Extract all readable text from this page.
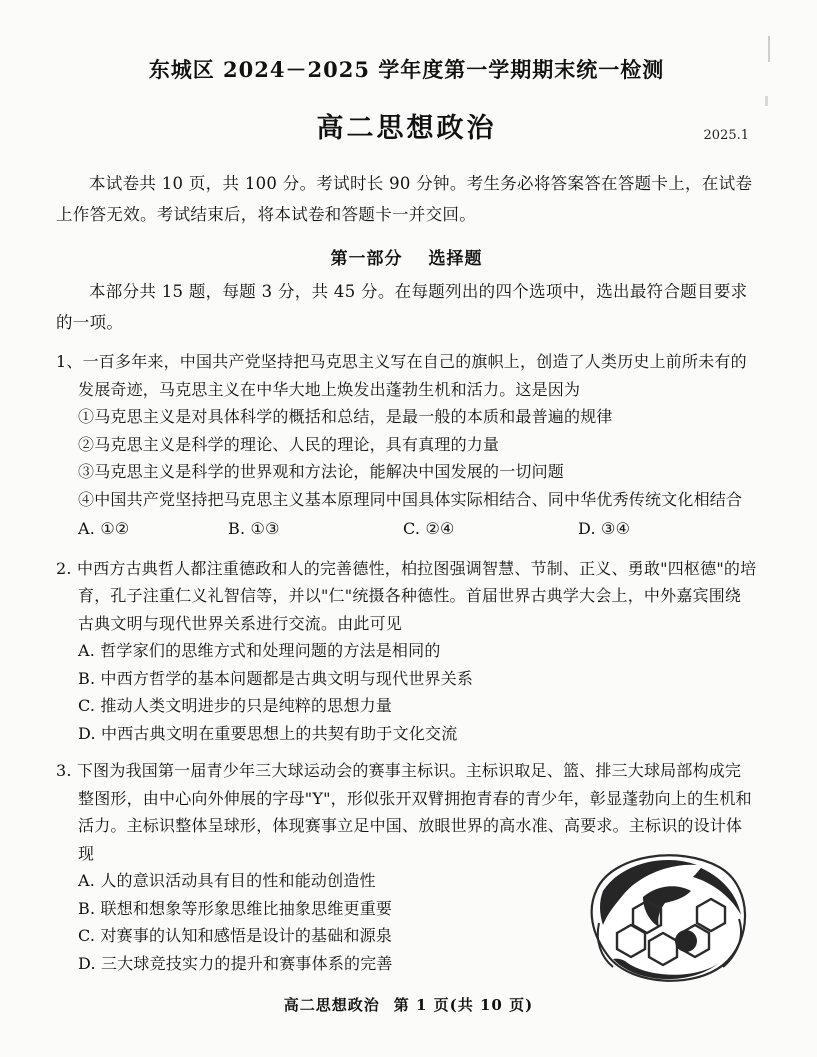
东城区 2024－2025 学年度第一学期期末统一检测
高二思想政治	2025.1
本试卷共 10 页，共 100 分。考试时长 90 分钟。考生务必将答案答在答题卡上，在试卷上作答无效。考试结束后，将本试卷和答题卡一并交回。
第一部分 选择题
本部分共 15 题，每题 3 分，共 45 分。在每题列出的四个选项中，选出最符合题目要求的一项。
1、一百多年来，中国共产党坚持把马克思主义写在自己的旗帜上，创造了人类历史上前所未有的发展奇迹，马克思主义在中华大地上焕发出蓬勃生机和活力。这是因为
①马克思主义是对具体科学的概括和总结，是最一般的本质和最普遍的规律
②马克思主义是科学的理论、人民的理论，具有真理的力量
③马克思主义是科学的世界观和方法论，能解决中国发展的一切问题
④中国共产党坚持把马克思主义基本原理同中国具体实际相结合、同中华优秀传统文化相结合
A. ①②	B. ①③	C. ②④	D. ③④
2. 中西方古典哲人都注重德政和人的完善德性，柏拉图强调智慧、节制、正义、勇敢"四枢德"的培育，孔子注重仁义礼智信等，并以"仁"统摄各种德性。首届世界古典学大会上，中外嘉宾围绕古典文明与现代世界关系进行交流。由此可见
A. 哲学家们的思维方式和处理问题的方法是相同的
B. 中西方哲学的基本问题都是古典文明与现代世界关系
C. 推动人类文明进步的只是纯粹的思想力量
D. 中西古典文明在重要思想上的共契有助于文化交流
3. 下图为我国第一届青少年三大球运动会的赛事主标识。主标识取足、篮、排三大球局部构成完整图形，由中心向外伸展的字母"Y"，形似张开双臂拥抱青春的青少年，彰显蓬勃向上的生机和活力。主标识整体呈球形，体现赛事立足中国、放眼世界的高水准、高要求。主标识的设计体现
A. 人的意识活动具有目的性和能动创造性
B. 联想和想象等形象思维比抽象思维更重要
C. 对赛事的认知和感悟是设计的基础和源泉
D. 三大球竞技实力的提升和赛事体系的完善
高二思想政治 第 1 页(共 10 页)
